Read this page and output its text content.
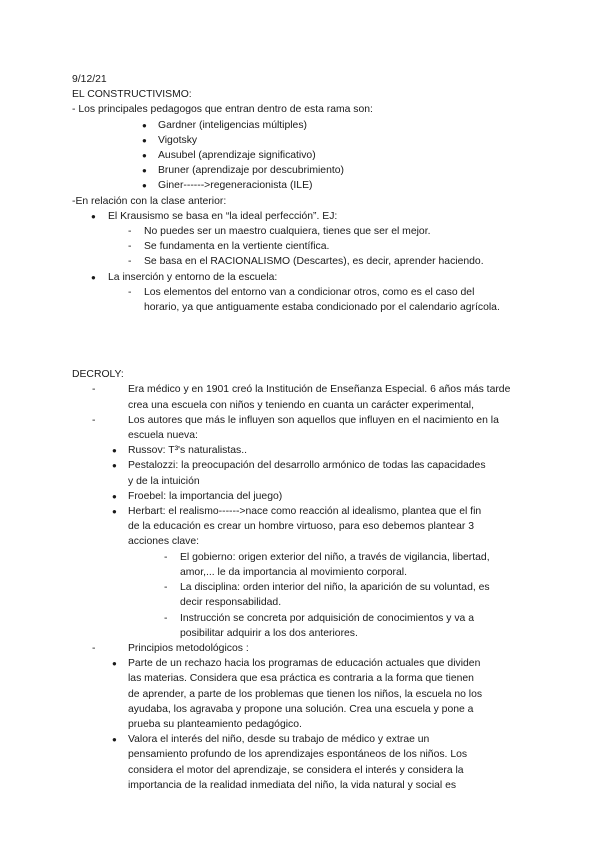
9/12/21
EL CONSTRUCTIVISMO:
- Los principales pedagogos que entran dentro de esta rama son:
● Gardner (inteligencias múltiples)
● Vigotsky
● Ausubel (aprendizaje significativo)
● Bruner (aprendizaje por descubrimiento)
● Giner------>regeneracionista (ILE)
-En relación con la clase anterior:
● El Krausismo se basa en “la ideal perfección”. EJ:
- No puedes ser un maestro cualquiera, tienes que ser el mejor.
- Se fundamenta en la vertiente científica.
- Se basa en el RACIONALISMO (Descartes), es decir, aprender haciendo.
● La inserción y entorno de la escuela:
- Los elementos del entorno van a condicionar otros, como es el caso del
horario, ya que antiguamente estaba condicionado por el calendario agrícola.
DECROLY:
-	Era médico y en 1901 creó la Institución de Enseñanza Especial. 6 años más tarde
crea una escuela con niños y teniendo en cuanta un carácter experimental,
-	Los autores que más le influyen son aquellos que influyen en el nacimiento en la
escuela nueva:
● Russov: T³'s naturalistas..
● Pestalozzi: la preocupación del desarrollo armónico de todas las capacidades
y de la intuición
● Froebel: la importancia del juego)
● Herbart: el realismo------>nace como reacción al idealismo, plantea que el fin
de la educación es crear un hombre virtuoso, para eso debemos plantear 3
acciones clave:
- El gobierno: origen exterior del niño, a través de vigilancia, libertad,
amor,... le da importancia al movimiento corporal.
- La disciplina: orden interior del niño, la aparición de su voluntad, es
decir responsabilidad.
- Instrucción se concreta por adquisición de conocimientos y va a
posibilitar adquirir a los dos anteriores.
-	Principios metodológicos :
● Parte de un rechazo hacia los programas de educación actuales que dividen
las materias. Considera que esa práctica es contraria a la forma que tienen
de aprender, a parte de los problemas que tienen los niños, la escuela no los
ayudaba, los agravaba y propone una solución. Crea una escuela y pone a
prueba su planteamiento pedagógico.
● Valora el interés del niño, desde su trabajo de médico y extrae un
pensamiento profundo de los aprendizajes espontáneos de los niños. Los
considera el motor del aprendizaje, se considera el interés y considera la
importancia de la realidad inmediata del niño, la vida natural y social es
